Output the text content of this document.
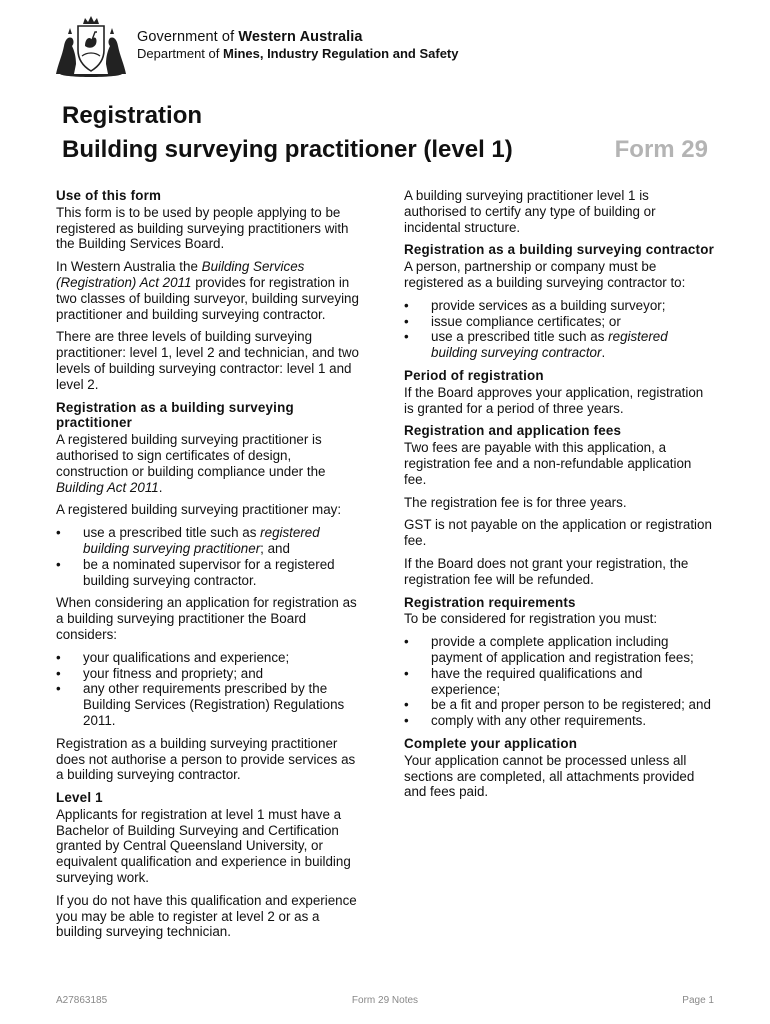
Government of Western Australia
Department of Mines, Industry Regulation and Safety
Registration
Building surveying practitioner (level 1)	Form 29
Use of this form

This form is to be used by people applying to be registered as building surveying practitioners with the Building Services Board.

In Western Australia the Building Services (Registration) Act 2011 provides for registration in two classes of building surveyor, building surveying practitioner and building surveying contractor.

There are three levels of building surveying practitioner: level 1, level 2 and technician, and two levels of building surveying contractor: level 1 and level 2.

Registration as a building surveying practitioner

A registered building surveying practitioner is authorised to sign certificates of design, construction or building compliance under the Building Act 2011.

A registered building surveying practitioner may:

• use a prescribed title such as registered building surveying practitioner; and
• be a nominated supervisor for a registered building surveying contractor.

When considering an application for registration as a building surveying practitioner the Board considers:

• your qualifications and experience;
• your fitness and propriety; and
• any other requirements prescribed by the Building Services (Registration) Regulations 2011.

Registration as a building surveying practitioner does not authorise a person to provide services as a building surveying contractor.

Level 1

Applicants for registration at level 1 must have a Bachelor of Building Surveying and Certification granted by Central Queensland University, or equivalent qualification and experience in building surveying work.

If you do not have this qualification and experience you may be able to register at level 2 or as a building surveying technician.

A building surveying practitioner level 1 is authorised to certify any type of building or incidental structure.

Registration as a building surveying contractor

A person, partnership or company must be registered as a building surveying contractor to:

• provide services as a building surveyor;
• issue compliance certificates; or
• use a prescribed title such as registered building surveying contractor.
Period of registration

If the Board approves your application, registration is granted for a period of three years.

Registration and application fees

Two fees are payable with this application, a registration fee and a non-refundable application fee.

The registration fee is for three years.

GST is not payable on the application or registration fee.

If the Board does not grant your registration, the registration fee will be refunded.

Registration requirements

To be considered for registration you must:

• provide a complete application including payment of application and registration fees;
• have the required qualifications and experience;
• be a fit and proper person to be registered; and
• comply with any other requirements.
Complete your application

Your application cannot be processed unless all sections are completed, all attachments provided and fees paid.

A27863185	Form 29 Notes	Page 1
